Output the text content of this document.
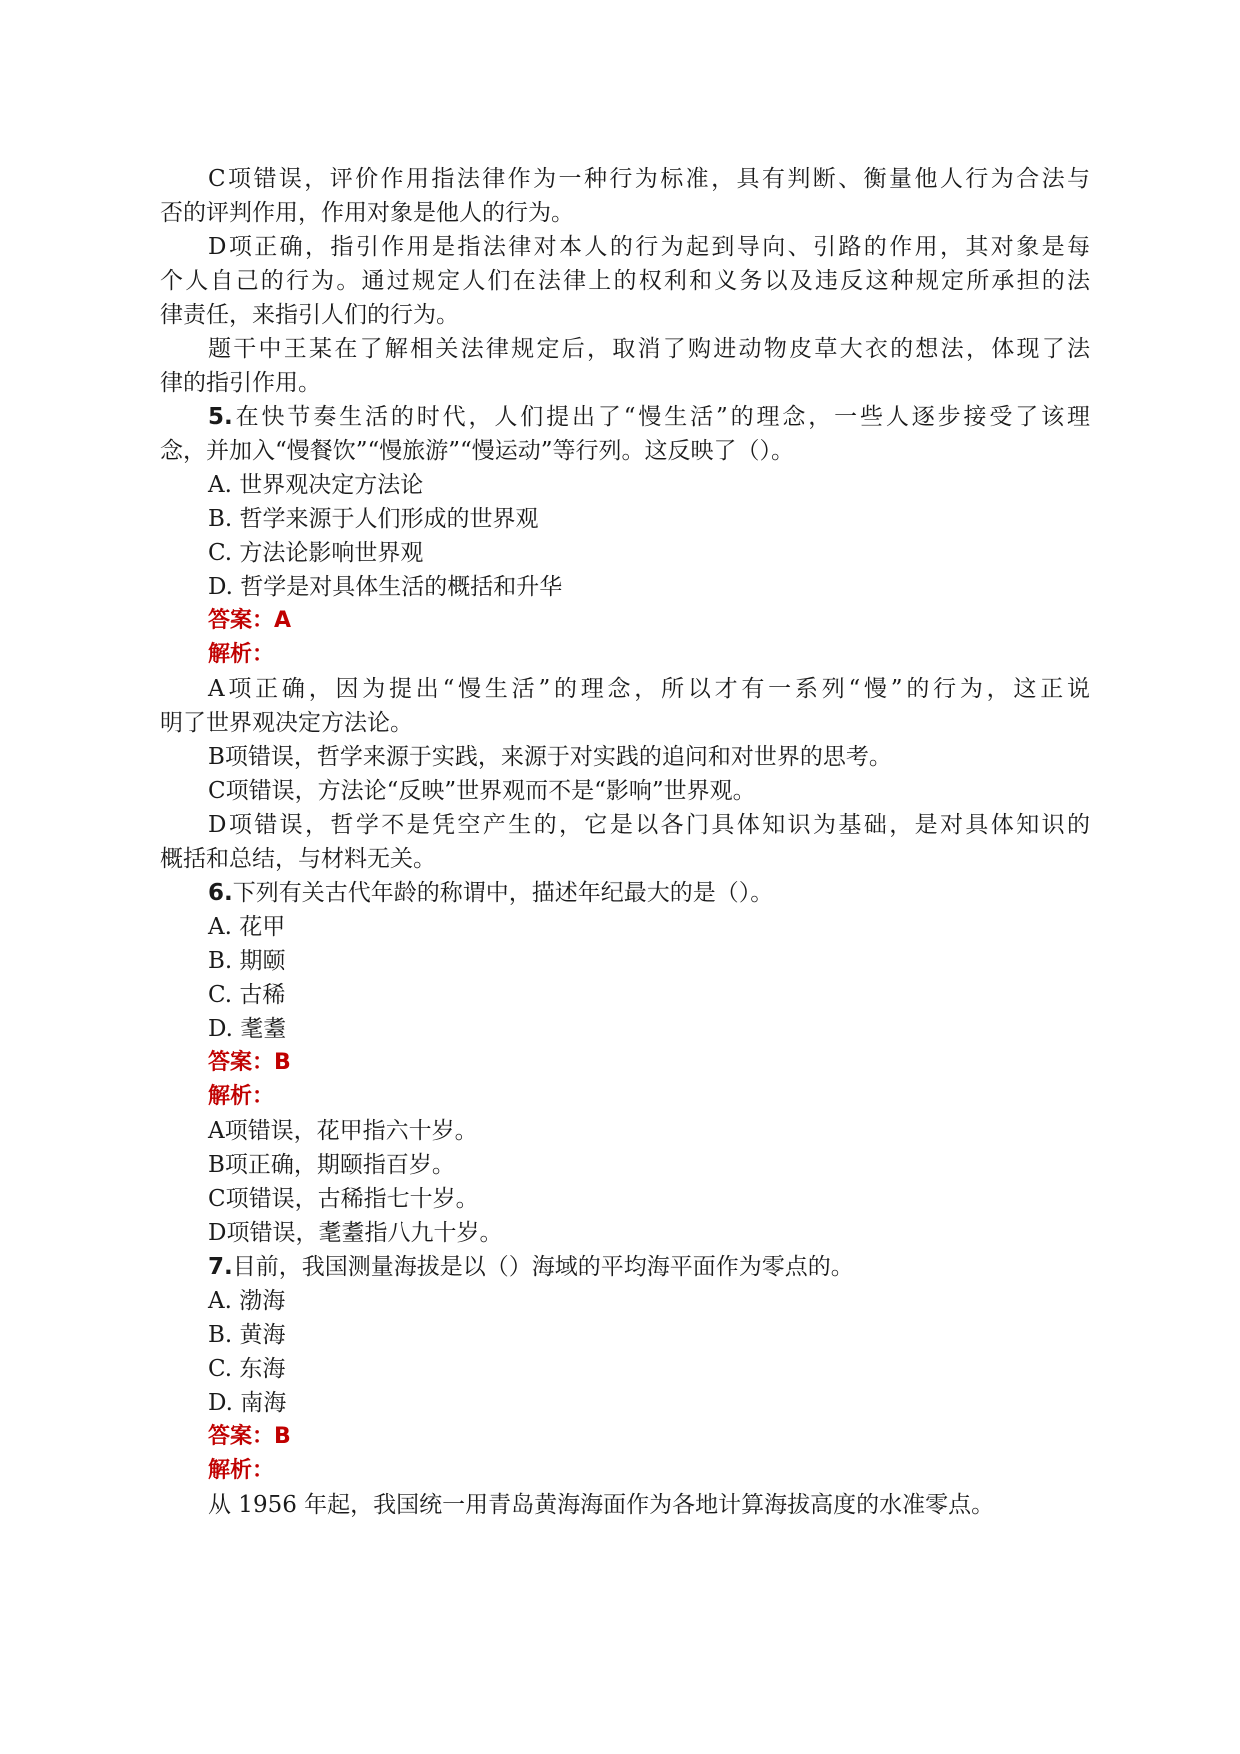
C项错误，评价作用指法律作为一种行为标准，具有判断、衡量他人行为合法与

否的评判作用，作用对象是他人的行为。

D项正确，指引作用是指法律对本人的行为起到导向、引路的作用，其对象是每

个人自己的行为。通过规定人们在法律上的权利和义务以及违反这种规定所承担的法

律责任，来指引人们的行为。

题干中王某在了解相关法律规定后，取消了购进动物皮草大衣的想法，体现了法

律的指引作用。

5.在快节奏生活的时代，人们提出了“慢生活”的理念，一些人逐步接受了该理

念，并加入“慢餐饮”“慢旅游”“慢运动”等行列。这反映了（）。

A. 世界观决定方法论

B. 哲学来源于人们形成的世界观

C. 方法论影响世界观

D. 哲学是对具体生活的概括和升华

答案：A

解析：

A项正确，因为提出“慢生活”的理念，所以才有一系列“慢”的行为，这正说

明了世界观决定方法论。

B项错误，哲学来源于实践，来源于对实践的追问和对世界的思考。

C项错误，方法论“反映”世界观而不是“影响”世界观。

D项错误，哲学不是凭空产生的，它是以各门具体知识为基础，是对具体知识的

概括和总结，与材料无关。

6.下列有关古代年龄的称谓中，描述年纪最大的是（）。

A. 花甲

B. 期颐

C. 古稀

D. 耄耋

答案：B

解析：

A项错误，花甲指六十岁。

B项正确，期颐指百岁。

C项错误，古稀指七十岁。

D项错误，耄耋指八九十岁。

7.目前，我国测量海拔是以（）海域的平均海平面作为零点的。

A. 渤海

B. 黄海

C. 东海

D. 南海

答案：B

解析：

从 1956 年起，我国统一用青岛黄海海面作为各地计算海拔高度的水准零点。
